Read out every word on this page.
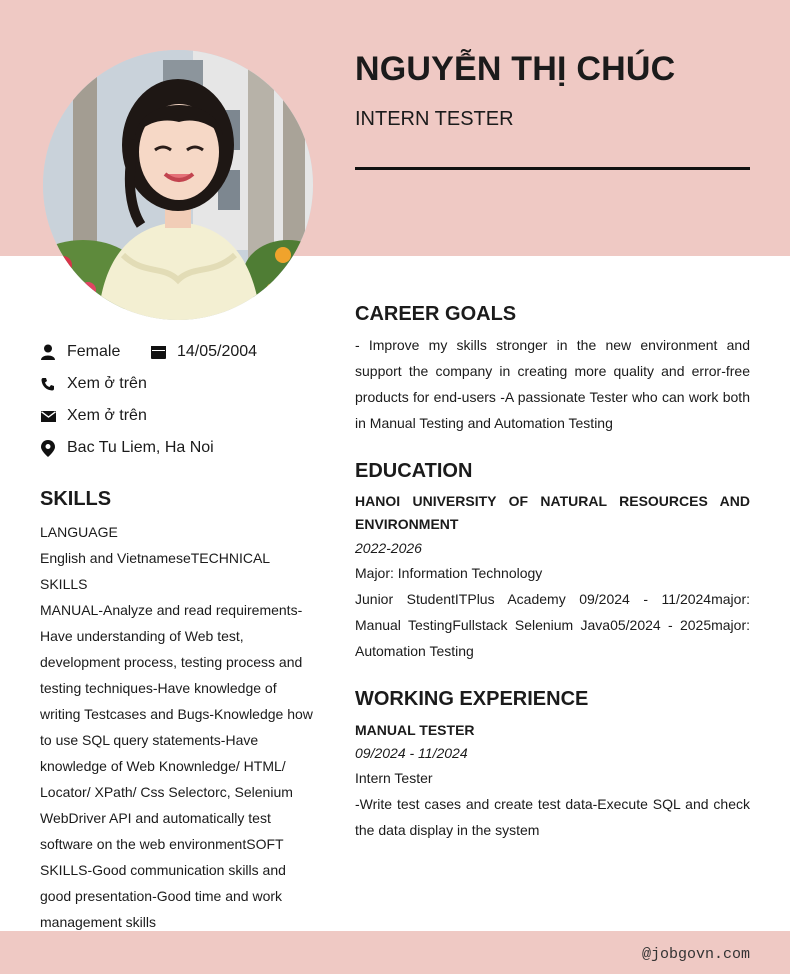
NGUYỄN THỊ CHÚC
INTERN TESTER
Female	14/05/2004
Xem ở trên
Xem ở trên
Bac Tu Liem, Ha Noi
SKILLS
LANGUAGE
English and VietnameseTECHNICAL SKILLS
MANUAL-Analyze and read requirements-
Have understanding of Web test,
development process, testing process and
testing techniques-Have knowledge of
writing Testcases and Bugs-Knowledge how
to use SQL query statements-Have
knowledge of Web Knownledge/ HTML/
Locator/ XPath/ Css Selectorc, Selenium
WebDriver API and automatically test
software on the web environmentSOFT
SKILLS-Good communication skills and
good presentation-Good time and work
management skills
CAREER GOALS
- Improve my skills stronger in the new environment and support the company in creating more quality and error-free products for end-users -A passionate Tester who can work both in Manual Testing and Automation Testing
EDUCATION
HANOI UNIVERSITY OF NATURAL RESOURCES AND ENVIRONMENT
2022-2026
Major: Information Technology
Junior StudentITPlus Academy 09/2024 - 11/2024major: Manual TestingFullstack Selenium Java05/2024 - 2025major: Automation Testing
WORKING EXPERIENCE
MANUAL TESTER
09/2024 - 11/2024
Intern Tester
-Write test cases and create test data-Execute SQL and check the data display in the system
@jobgovn.com
